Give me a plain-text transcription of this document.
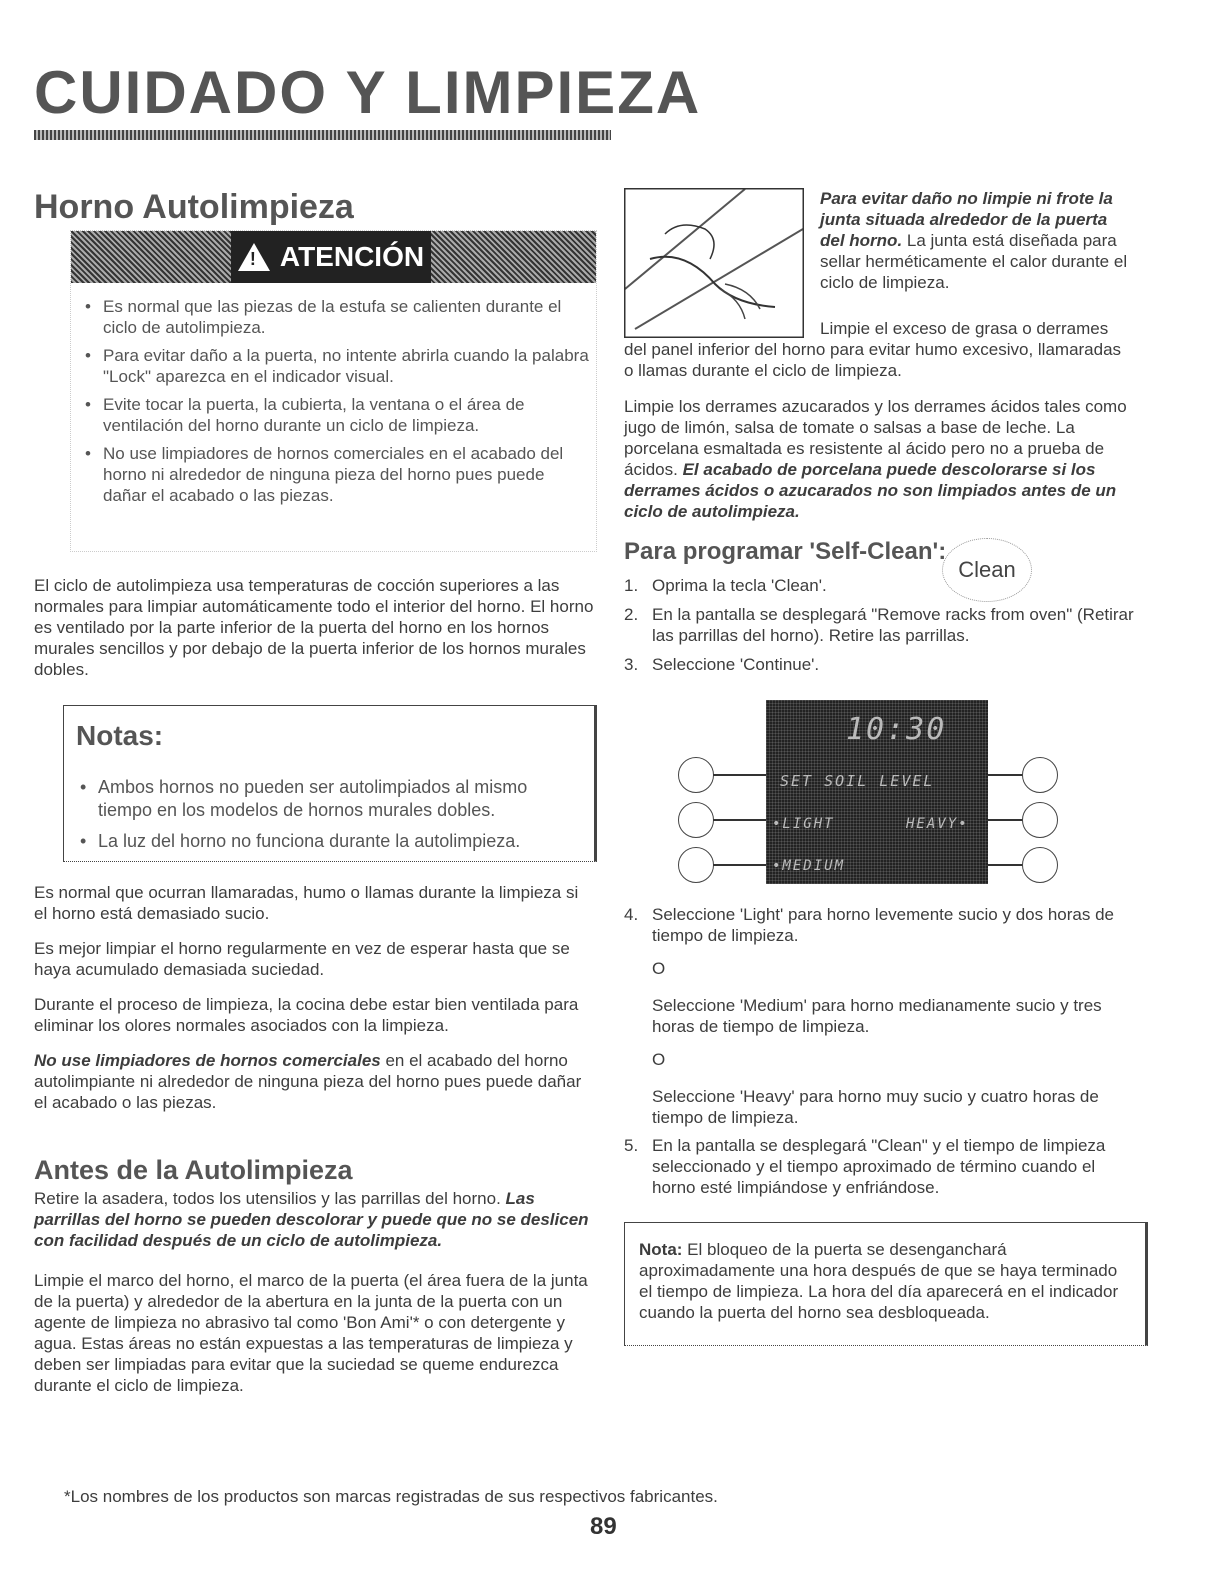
CUIDADO Y LIMPIEZA
Horno Autolimpieza
! ATENCIÓN
• Es normal que las piezas de la estufa se calienten durante el ciclo de autolimpieza.
• Para evitar daño a la puerta, no intente abrirla cuando la palabra "Lock" aparezca en el indicador visual.
• Evite tocar la puerta, la cubierta, la ventana o el área de ventilación del horno durante un ciclo de limpieza.
• No use limpiadores de hornos comerciales en el acabado del horno ni alrededor de ninguna pieza del horno pues puede dañar el acabado o las piezas.

El ciclo de autolimpieza usa temperaturas de cocción superiores a las normales para limpiar automáticamente todo el interior del horno. El horno es ventilado por la parte inferior de la puerta del horno en los hornos murales sencillos y por debajo de la puerta inferior de los hornos murales dobles.

Notas:
• Ambos hornos no pueden ser autolimpiados al mismo tiempo en los modelos de hornos murales dobles.
• La luz del horno no funciona durante la autolimpieza.

Es normal que ocurran llamaradas, humo o llamas durante la limpieza si el horno está demasiado sucio.

Es mejor limpiar el horno regularmente en vez de esperar hasta que se haya acumulado demasiada suciedad.

Durante el proceso de limpieza, la cocina debe estar bien ventilada para eliminar los olores normales asociados con la limpieza.

No use limpiadores de hornos comerciales en el acabado del horno autolimpiante ni alrededor de ninguna pieza del horno pues puede dañar el acabado o las piezas.

Antes de la Autolimpieza

Retire la asadera, todos los utensilios y las parrillas del horno. Las parrillas del horno se pueden descolorar y puede que no se deslicen con facilidad después de un ciclo de autolimpieza.

Limpie el marco del horno, el marco de la puerta (el área fuera de la junta de la puerta) y alrededor de la abertura en la junta de la puerta con un agente de limpieza no abrasivo tal como 'Bon Ami'* o con detergente y agua. Estas áreas no están expuestas a las temperaturas de limpieza y deben ser limpiadas para evitar que la suciedad se queme endurezca durante el ciclo de limpieza.

Para evitar daño no limpie ni frote la junta situada alrededor de la puerta del horno. La junta está diseñada para sellar herméticamente el calor durante el ciclo de limpieza.

Limpie el exceso de grasa o derrames del panel inferior del horno para evitar humo excesivo, llamaradas o llamas durante el ciclo de limpieza.

Limpie los derrames azucarados y los derrames ácidos tales como jugo de limón, salsa de tomate o salsas a base de leche. La porcelana esmaltada es resistente al ácido pero no a prueba de ácidos. El acabado de porcelana puede descolorarse si los derrames ácidos o azucarados no son limpiados antes de un ciclo de autolimpieza.

Para programar 'Self-Clean':
Clean
1. Oprima la tecla 'Clean'.
2. En la pantalla se desplegará "Remove racks from oven" (Retirar las parrillas del horno). Retire las parrillas.
3. Seleccione 'Continue'.
10:30
SET SOIL LEVEL
•LIGHT	HEAVY•
•MEDIUM
4. Seleccione 'Light' para horno levemente sucio y dos horas de tiempo de limpieza.

O

Seleccione 'Medium' para horno medianamente sucio y tres horas de tiempo de limpieza.

O

Seleccione 'Heavy' para horno muy sucio y cuatro horas de tiempo de limpieza.

5. En la pantalla se desplegará "Clean" y el tiempo de limpieza seleccionado y el tiempo aproximado de término cuando el horno esté limpiándose y enfriándose.

Nota: El bloqueo de la puerta se desenganchará aproximadamente una hora después de que se haya terminado el tiempo de limpieza. La hora del día aparecerá en el indicador cuando la puerta del horno sea desbloqueada.

*Los nombres de los productos son marcas registradas de sus respectivos fabricantes.
89
